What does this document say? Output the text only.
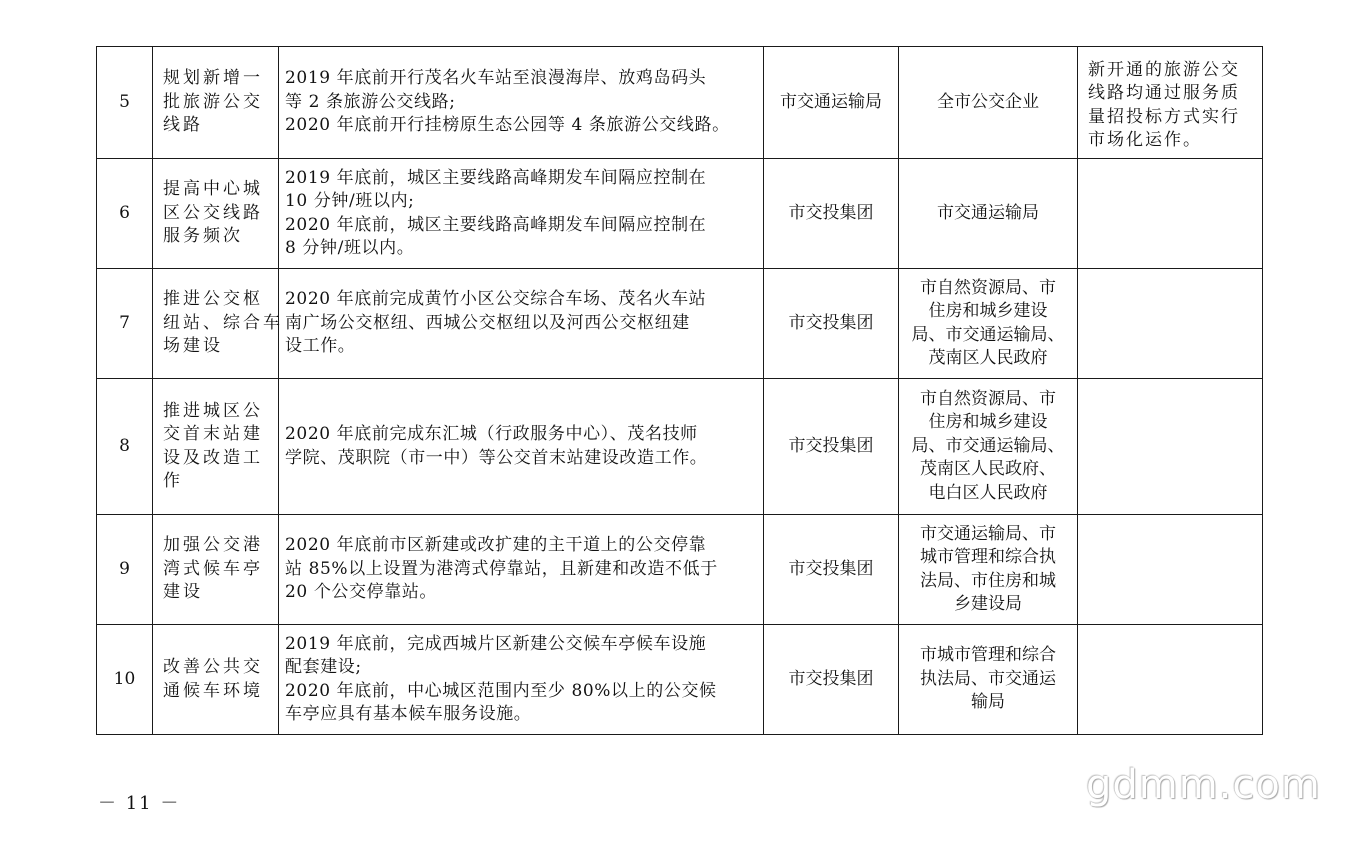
5	规划新增一
批旅游公交
线路	2019 年底前开行茂名火车站至浪漫海岸、放鸡岛码头
等 2 条旅游公交线路;
2020 年底前开行挂榜原生态公园等 4 条旅游公交线路。	市交通运输局	全市公交企业	新开通的旅游公交
线路均通过服务质
量招投标方式实行
市场化运作。

6	提高中心城
区公交线路
服务频次	2019 年底前，城区主要线路高峰期发车间隔应控制在
10 分钟/班以内;
2020 年底前，城区主要线路高峰期发车间隔应控制在
8 分钟/班以内。	市交投集团	市交通运输局	

7	推进公交枢
纽站、综合车
场建设	2020 年底前完成黄竹小区公交综合车场、茂名火车站
南广场公交枢纽、西城公交枢纽以及河西公交枢纽建
设工作。	市交投集团	市自然资源局、市
住房和城乡建设
局、市交通运输局、
茂南区人民政府	

8	推进城区公
交首末站建
设及改造工
作	2020 年底前完成东汇城（行政服务中心）、茂名技师
学院、茂职院（市一中）等公交首末站建设改造工作。	市交投集团	市自然资源局、市
住房和城乡建设
局、市交通运输局、
茂南区人民政府、
电白区人民政府	

9	加强公交港
湾式候车亭
建设	2020 年底前市区新建或改扩建的主干道上的公交停靠
站 85%以上设置为港湾式停靠站，且新建和改造不低于
20 个公交停靠站。	市交投集团	市交通运输局、市
城市管理和综合执
法局、市住房和城
乡建设局	

10	改善公共交
通候车环境	2019 年底前，完成西城片区新建公交候车亭候车设施
配套建设;
2020 年底前，中心城区范围内至少 80%以上的公交候
车亭应具有基本候车服务设施。	市交投集团	市城市管理和综合
执法局、市交通运
输局	

－ 11 －	gdmm.com
